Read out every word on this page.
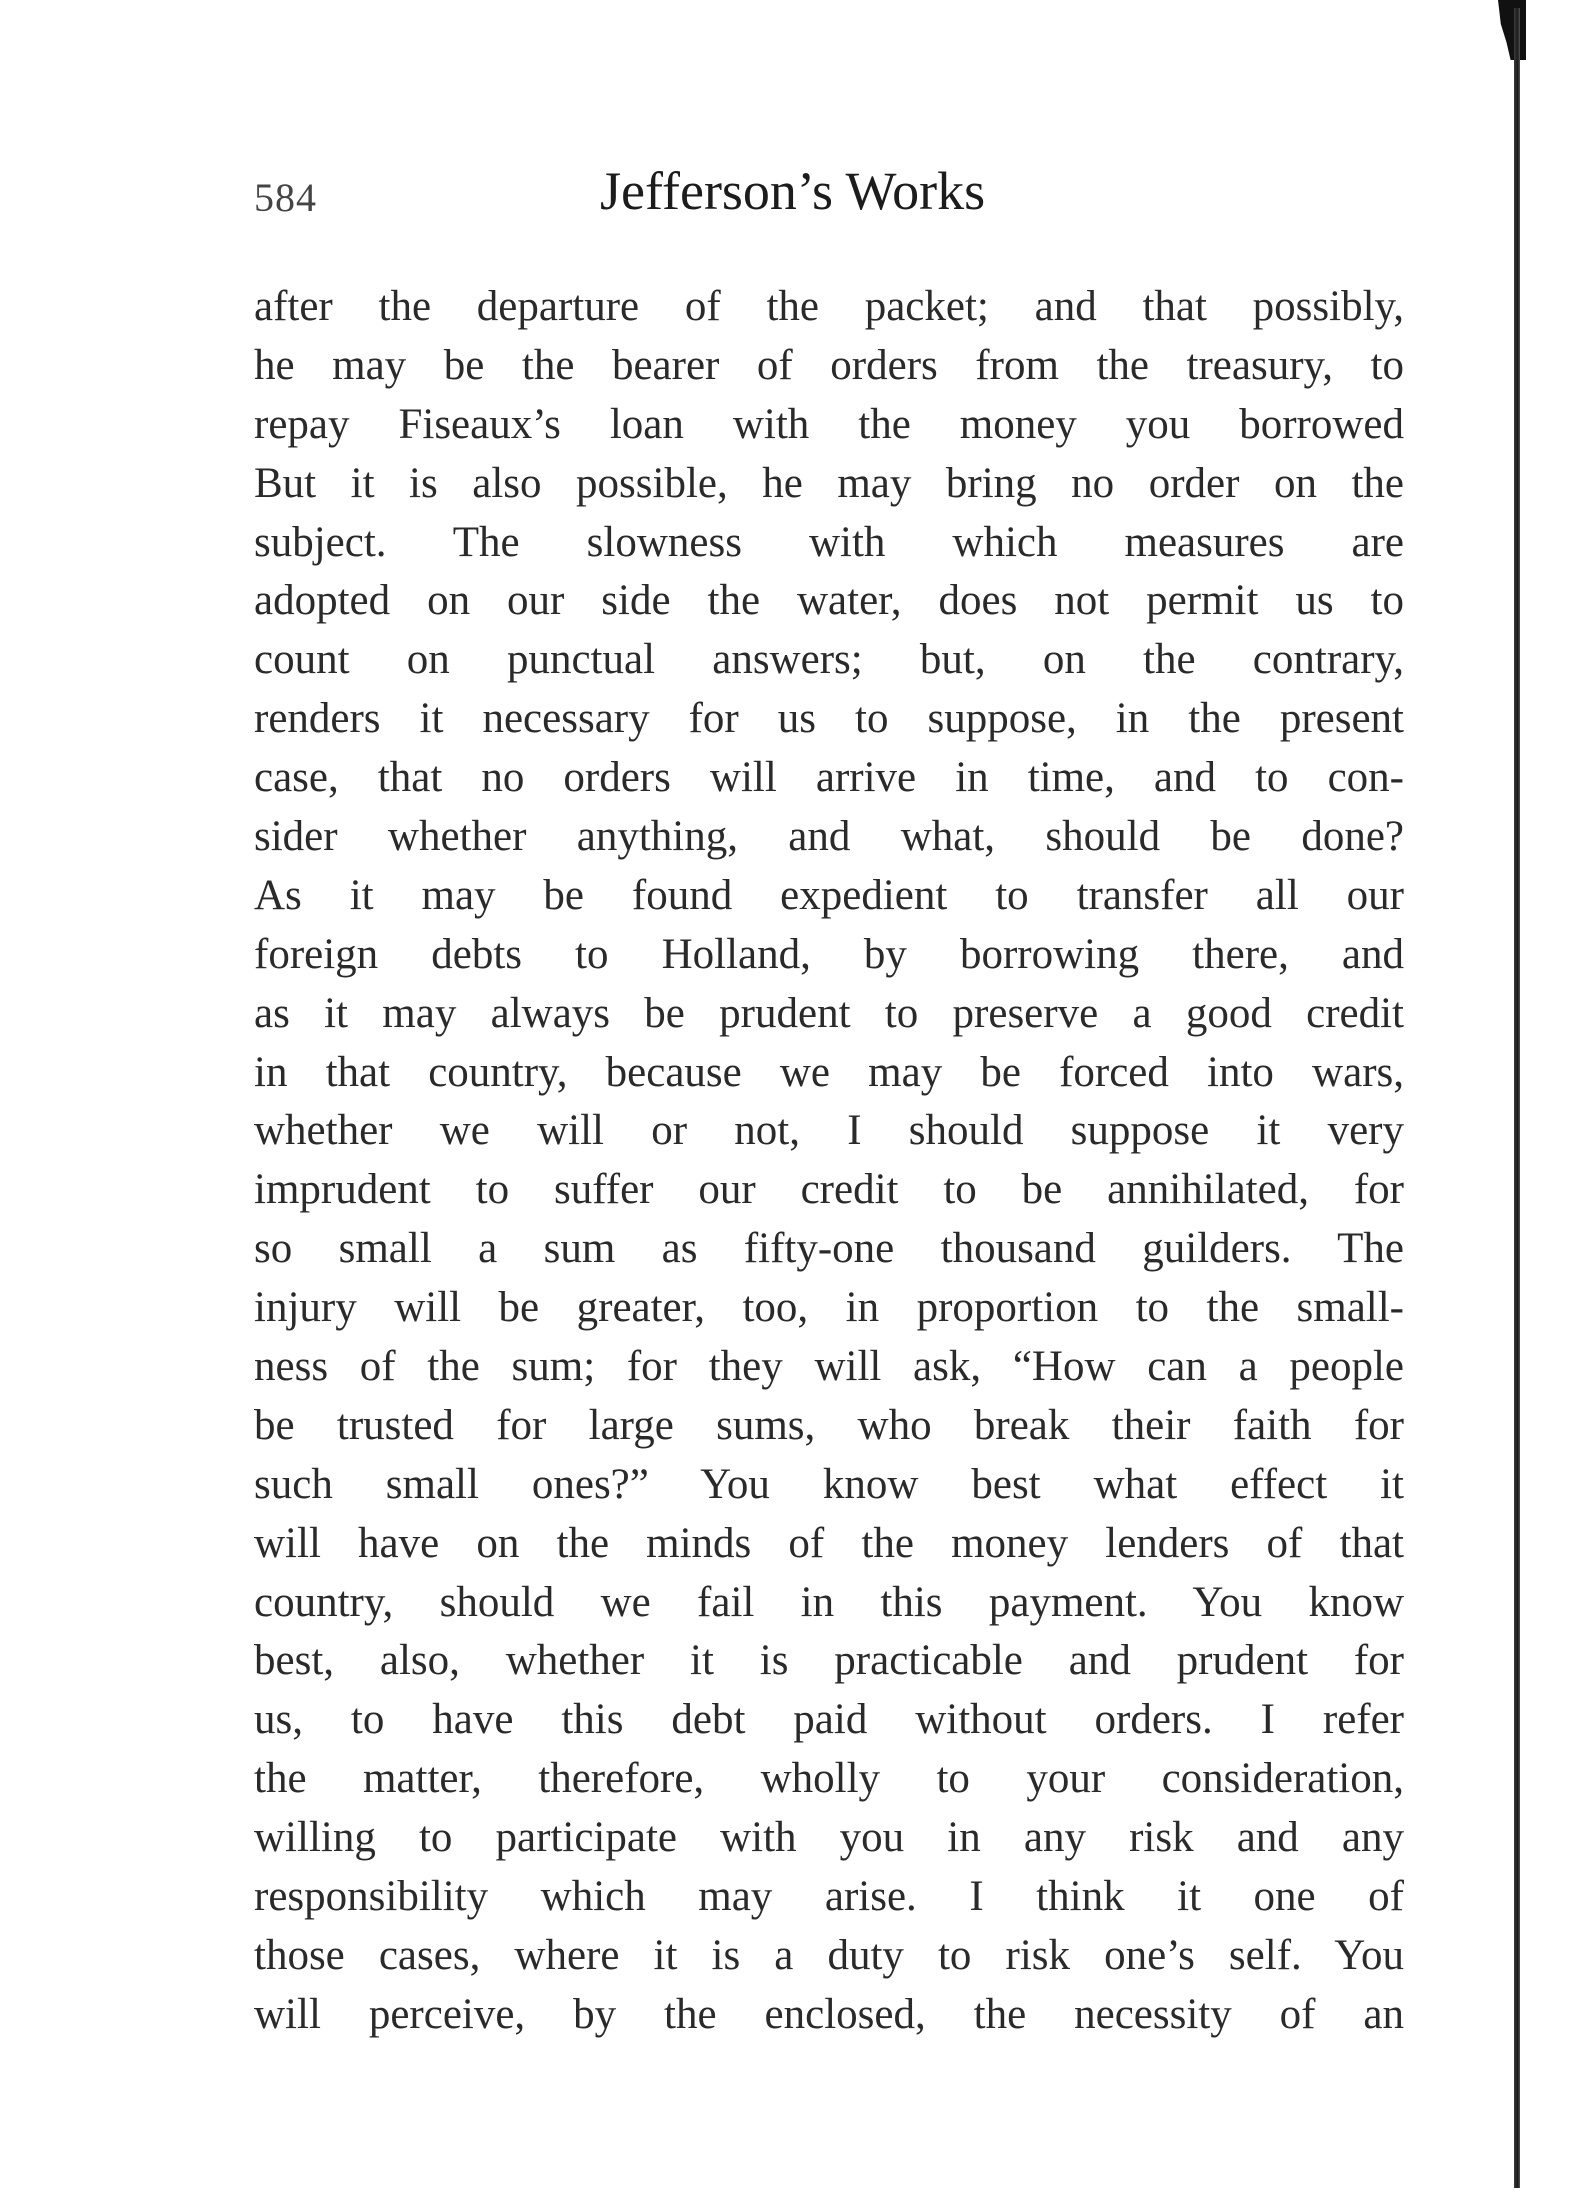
584	Jefferson’s Works
after the departure of the packet; and that possibly,
he may be the bearer of orders from the treasury, to
repay Fiseaux’s loan with the money you borrowed
But it is also possible, he may bring no order on the
subject. The slowness with which measures are
adopted on our side the water, does not permit us to
count on punctual answers; but, on the contrary,
renders it necessary for us to suppose, in the present
case, that no orders will arrive in time, and to con-
sider whether anything, and what, should be done?
As it may be found expedient to transfer all our
foreign debts to Holland, by borrowing there, and
as it may always be prudent to preserve a good credit
in that country, because we may be forced into wars,
whether we will or not, I should suppose it very
imprudent to suffer our credit to be annihilated, for
so small a sum as fifty-one thousand guilders. The
injury will be greater, too, in proportion to the small-
ness of the sum; for they will ask, “How can a people
be trusted for large sums, who break their faith for
such small ones?” You know best what effect it
will have on the minds of the money lenders of that
country, should we fail in this payment. You know
best, also, whether it is practicable and prudent for
us, to have this debt paid without orders. I refer
the matter, therefore, wholly to your consideration,
willing to participate with you in any risk and any
responsibility which may arise. I think it one of
those cases, where it is a duty to risk one’s self. You
will perceive, by the enclosed, the necessity of an
